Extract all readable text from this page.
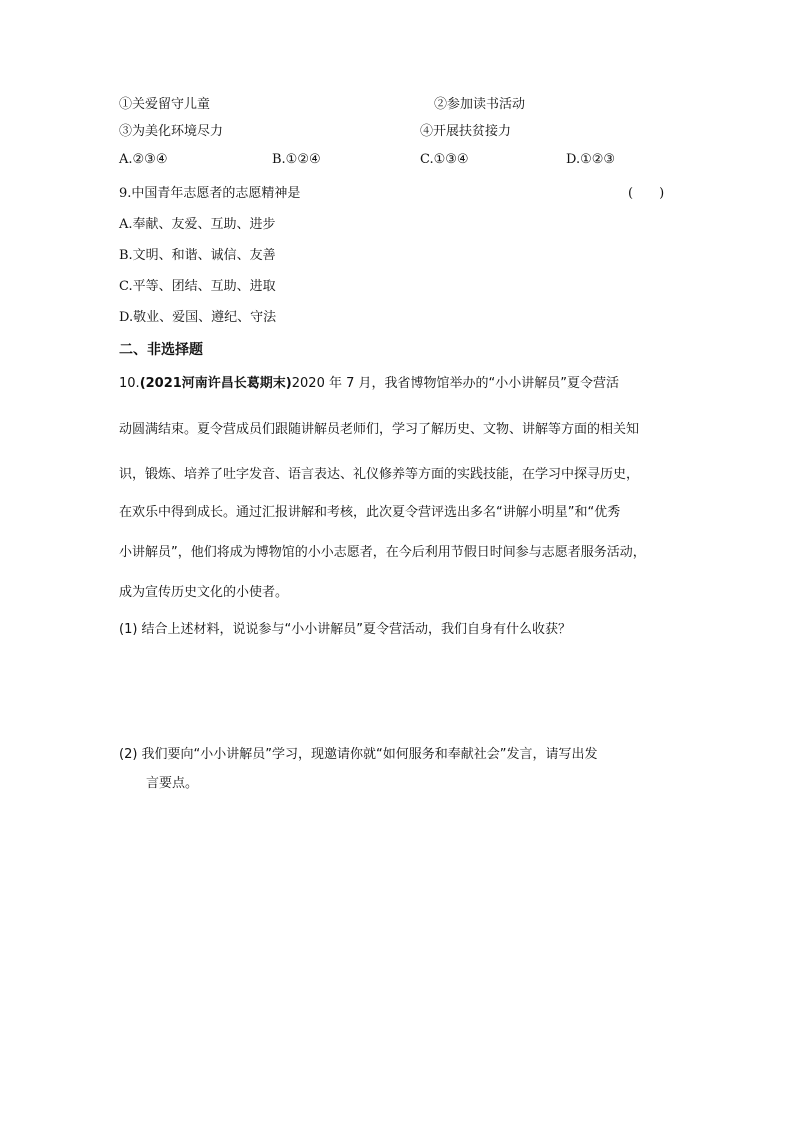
①关爱留守儿童	②参加读书活动
③为美化环境尽力	④开展扶贫接力
A.②③④	B.①②④	C.①③④	D.①②③
9.中国青年志愿者的志愿精神是	(　　)
A.奉献、友爱、互助、进步
B.文明、和谐、诚信、友善
C.平等、团结、互助、进取
D.敬业、爱国、遵纪、守法
二、非选择题
10.(2021河南许昌长葛期末)2020 年 7 月，我省博物馆举办的“小小讲解员”夏令营活
动圆满结束。夏令营成员们跟随讲解员老师们，学习了解历史、文物、讲解等方面的相关知
识，锻炼、培养了吐字发音、语言表达、礼仪修养等方面的实践技能，在学习中探寻历史，
在欢乐中得到成长。通过汇报讲解和考核，此次夏令营评选出多名“讲解小明星”和“优秀
小讲解员”，他们将成为博物馆的小小志愿者，在今后利用节假日时间参与志愿者服务活动，
成为宣传历史文化的小使者。
(1) 结合上述材料，说说参与“小小讲解员”夏令营活动，我们自身有什么收获？
(2) 我们要向“小小讲解员”学习，现邀请你就“如何服务和奉献社会”发言，请写出发
言要点。
